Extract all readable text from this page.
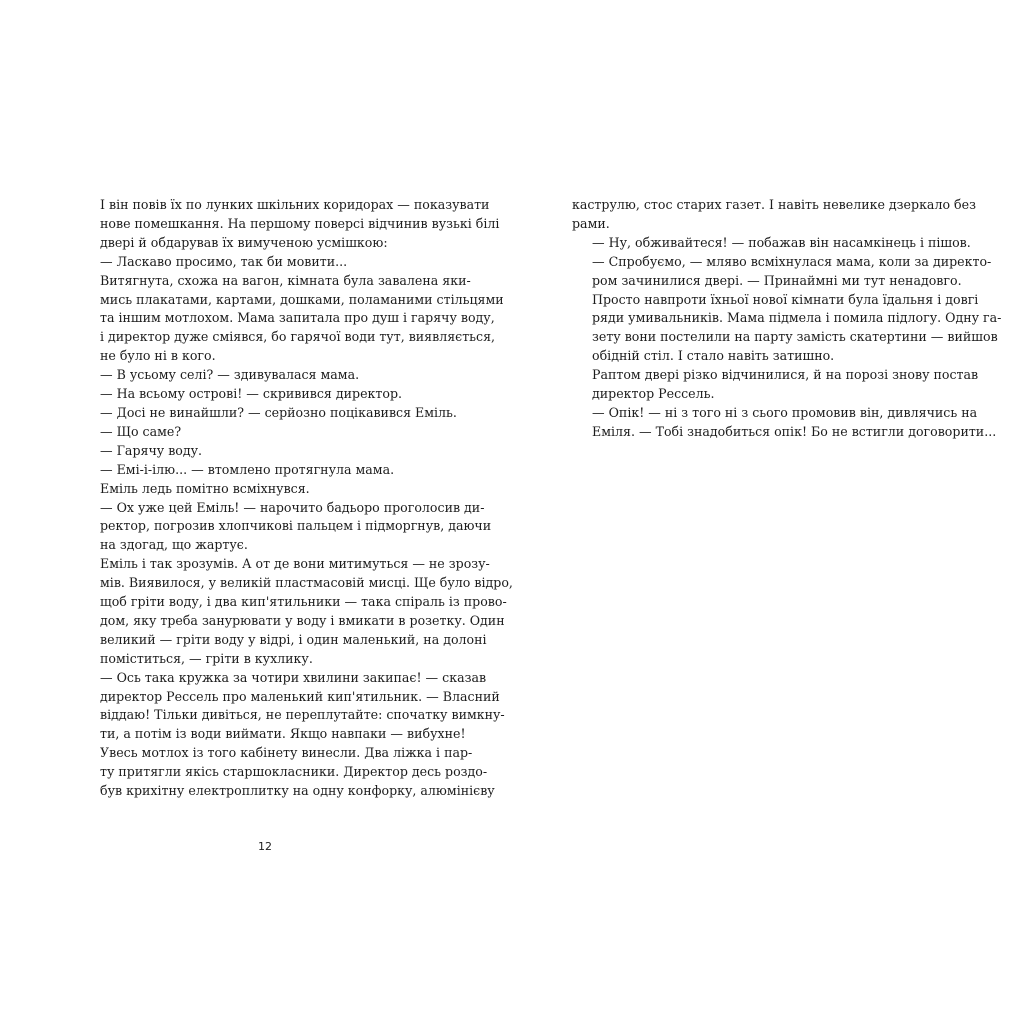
І він повів їх по лунких шкільних коридорах — показувати
нове помешкання. На першому поверсі відчинив вузькі білі
двері й обдарував їх вимученою усмішкою:

— Ласкаво просимо, так би мовити...

Витягнута, схожа на вагон, кімната була завалена яки-
мись плакатами, картами, дошками, поламаними стільцями
та іншим мотлохом. Мама запитала про душ і гарячу воду,
і директор дуже сміявся, бо гарячої води тут, виявляється,
не було ні в кого.

— В усьому селі? — здивувалася мама.

— На всьому острові! — скривився директор.

— Досі не винайшли? — серйозно поцікавився Еміль.

— Що саме?

— Гарячу воду.

— Емі-і-ілю... — втомлено протягнула мама.

Еміль ледь помітно всміхнувся.

— Ох уже цей Еміль! — нарочито бадьоро проголосив ди-
ректор, погрозив хлопчикові пальцем і підморгнув, даючи
на здогад, що жартує.

Еміль і так зрозумів. А от де вони митимуться — не зрозу-
мів. Виявилося, у великій пластмасовій мисці. Ще було відро,
щоб гріти воду, і два кип'ятильники — така спіраль із прово-
дом, яку треба занурювати у воду і вмикати в розетку. Один
великий — гріти воду у відрі, і один маленький, на долоні
поміститься, — гріти в кухлику.

— Ось така кружка за чотири хвилини закипає! — сказав
директор Рессель про маленький кип'ятильник. — Власний
віддаю! Тільки дивіться, не переплутайте: спочатку вимкну-
ти, а потім із води виймати. Якщо навпаки — вибухне!

Увесь мотлох із того кабінету винесли. Два ліжка і пар-
ту притягли якісь старшокласники. Директор десь роздо-
був крихітну електроплитку на одну конфорку, алюмінієву

каструлю, стос старих газет. І навіть невелике дзеркало без
рами.

— Ну, обживайтеся! — побажав він насамкінець і пішов.

— Спробуємо, — мляво всміхнулася мама, коли за директо-
ром зачинилися двері. — Принаймні ми тут ненадовго.

Просто навпроти їхньої нової кімнати була їдальня і довгі
ряди умивальників. Мама підмела і помила підлогу. Одну га-
зету вони постелили на парту замість скатертини — вийшов
обідній стіл. І стало навіть затишно.

Раптом двері різко відчинилися, й на порозі знову постав
директор Рессель.

— Опік! — ні з того ні з сього промовив він, дивлячись на
Еміля. — Тобі знадобиться опік! Бо не встигли договорити...

12
